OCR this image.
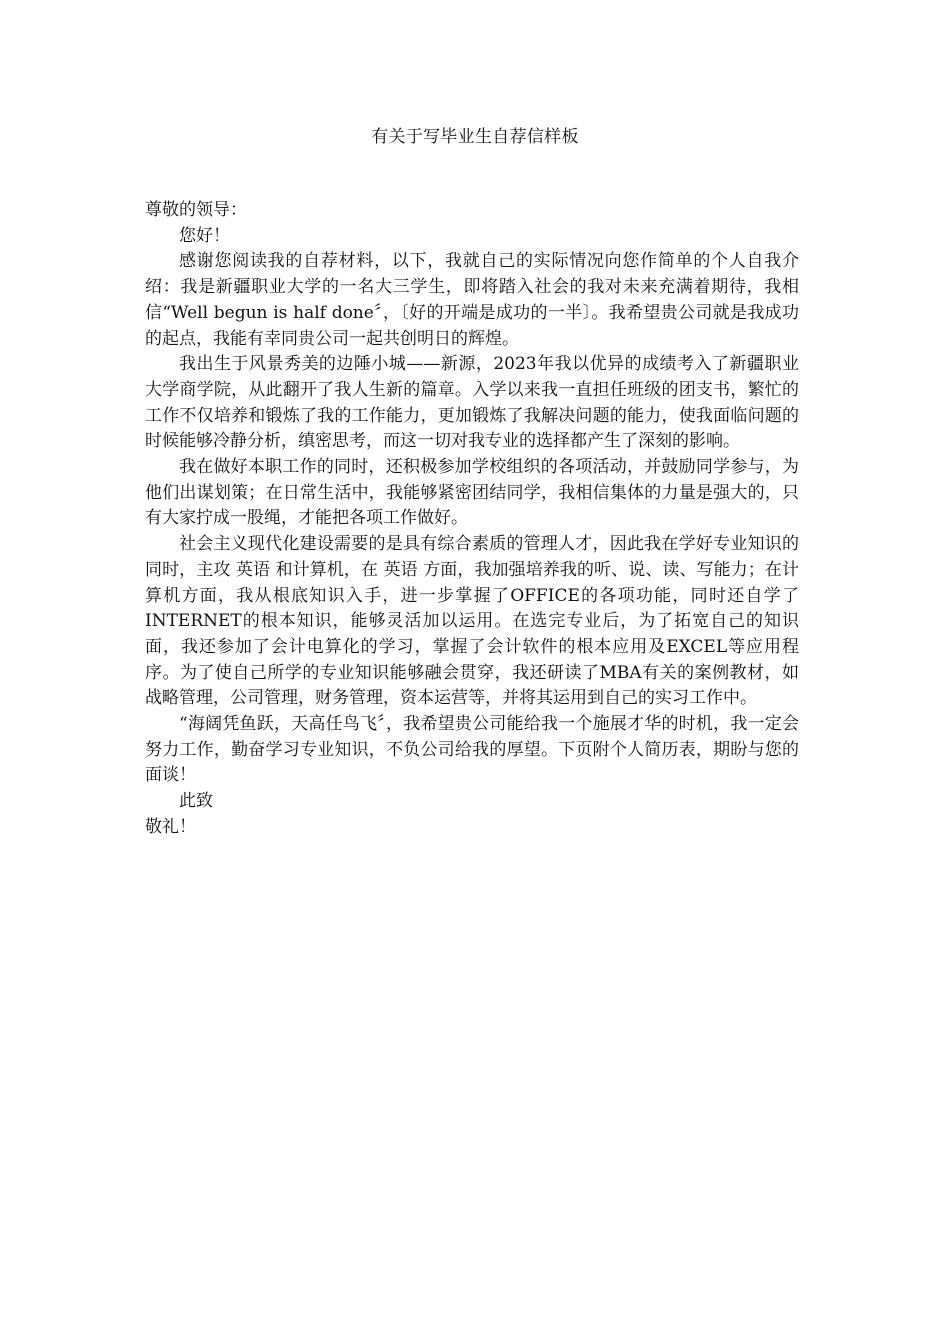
有关于写毕业生自荐信样板

尊敬的领导：

您好！

感谢您阅读我的自荐材料，以下，我就自己的实际情况向您作简单的个人自我介绍：我是新疆职业大学的一名大三学生，即将踏入社会的我对未来充满着期待，我相信“Well begun is half done〞，〔好的开端是成功的一半〕。我希望贵公司就是我成功的起点，我能有幸同贵公司一起共创明日的辉煌。

我出生于风景秀美的边陲小城——新源，2023年我以优异的成绩考入了新疆职业大学商学院，从此翻开了我人生新的篇章。入学以来我一直担任班级的团支书，繁忙的工作不仅培养和锻炼了我的工作能力，更加锻炼了我解决问题的能力，使我面临问题的时候能够冷静分析，缜密思考，而这一切对我专业的选择都产生了深刻的影响。

我在做好本职工作的同时，还积极参加学校组织的各项活动，并鼓励同学参与，为他们出谋划策；在日常生活中，我能够紧密团结同学，我相信集体的力量是强大的，只有大家拧成一股绳，才能把各项工作做好。

社会主义现代化建设需要的是具有综合素质的管理人才，因此我在学好专业知识的同时，主攻 英语 和计算机，在 英语 方面，我加强培养我的听、说、读、写能力；在计算机方面，我从根底知识入手，进一步掌握了OFFICE的各项功能，同时还自学了INTERNET的根本知识，能够灵活加以运用。在选完专业后，为了拓宽自己的知识面，我还参加了会计电算化的学习，掌握了会计软件的根本应用及EXCEL等应用程序。为了使自己所学的专业知识能够融会贯穿，我还研读了MBA有关的案例教材，如战略管理，公司管理，财务管理，资本运营等，并将其运用到自己的实习工作中。

“海阔凭鱼跃，天高任鸟飞〞，我希望贵公司能给我一个施展才华的时机，我一定会努力工作，勤奋学习专业知识，不负公司给我的厚望。下页附个人简历表，期盼与您的面谈！

此致

敬礼！
